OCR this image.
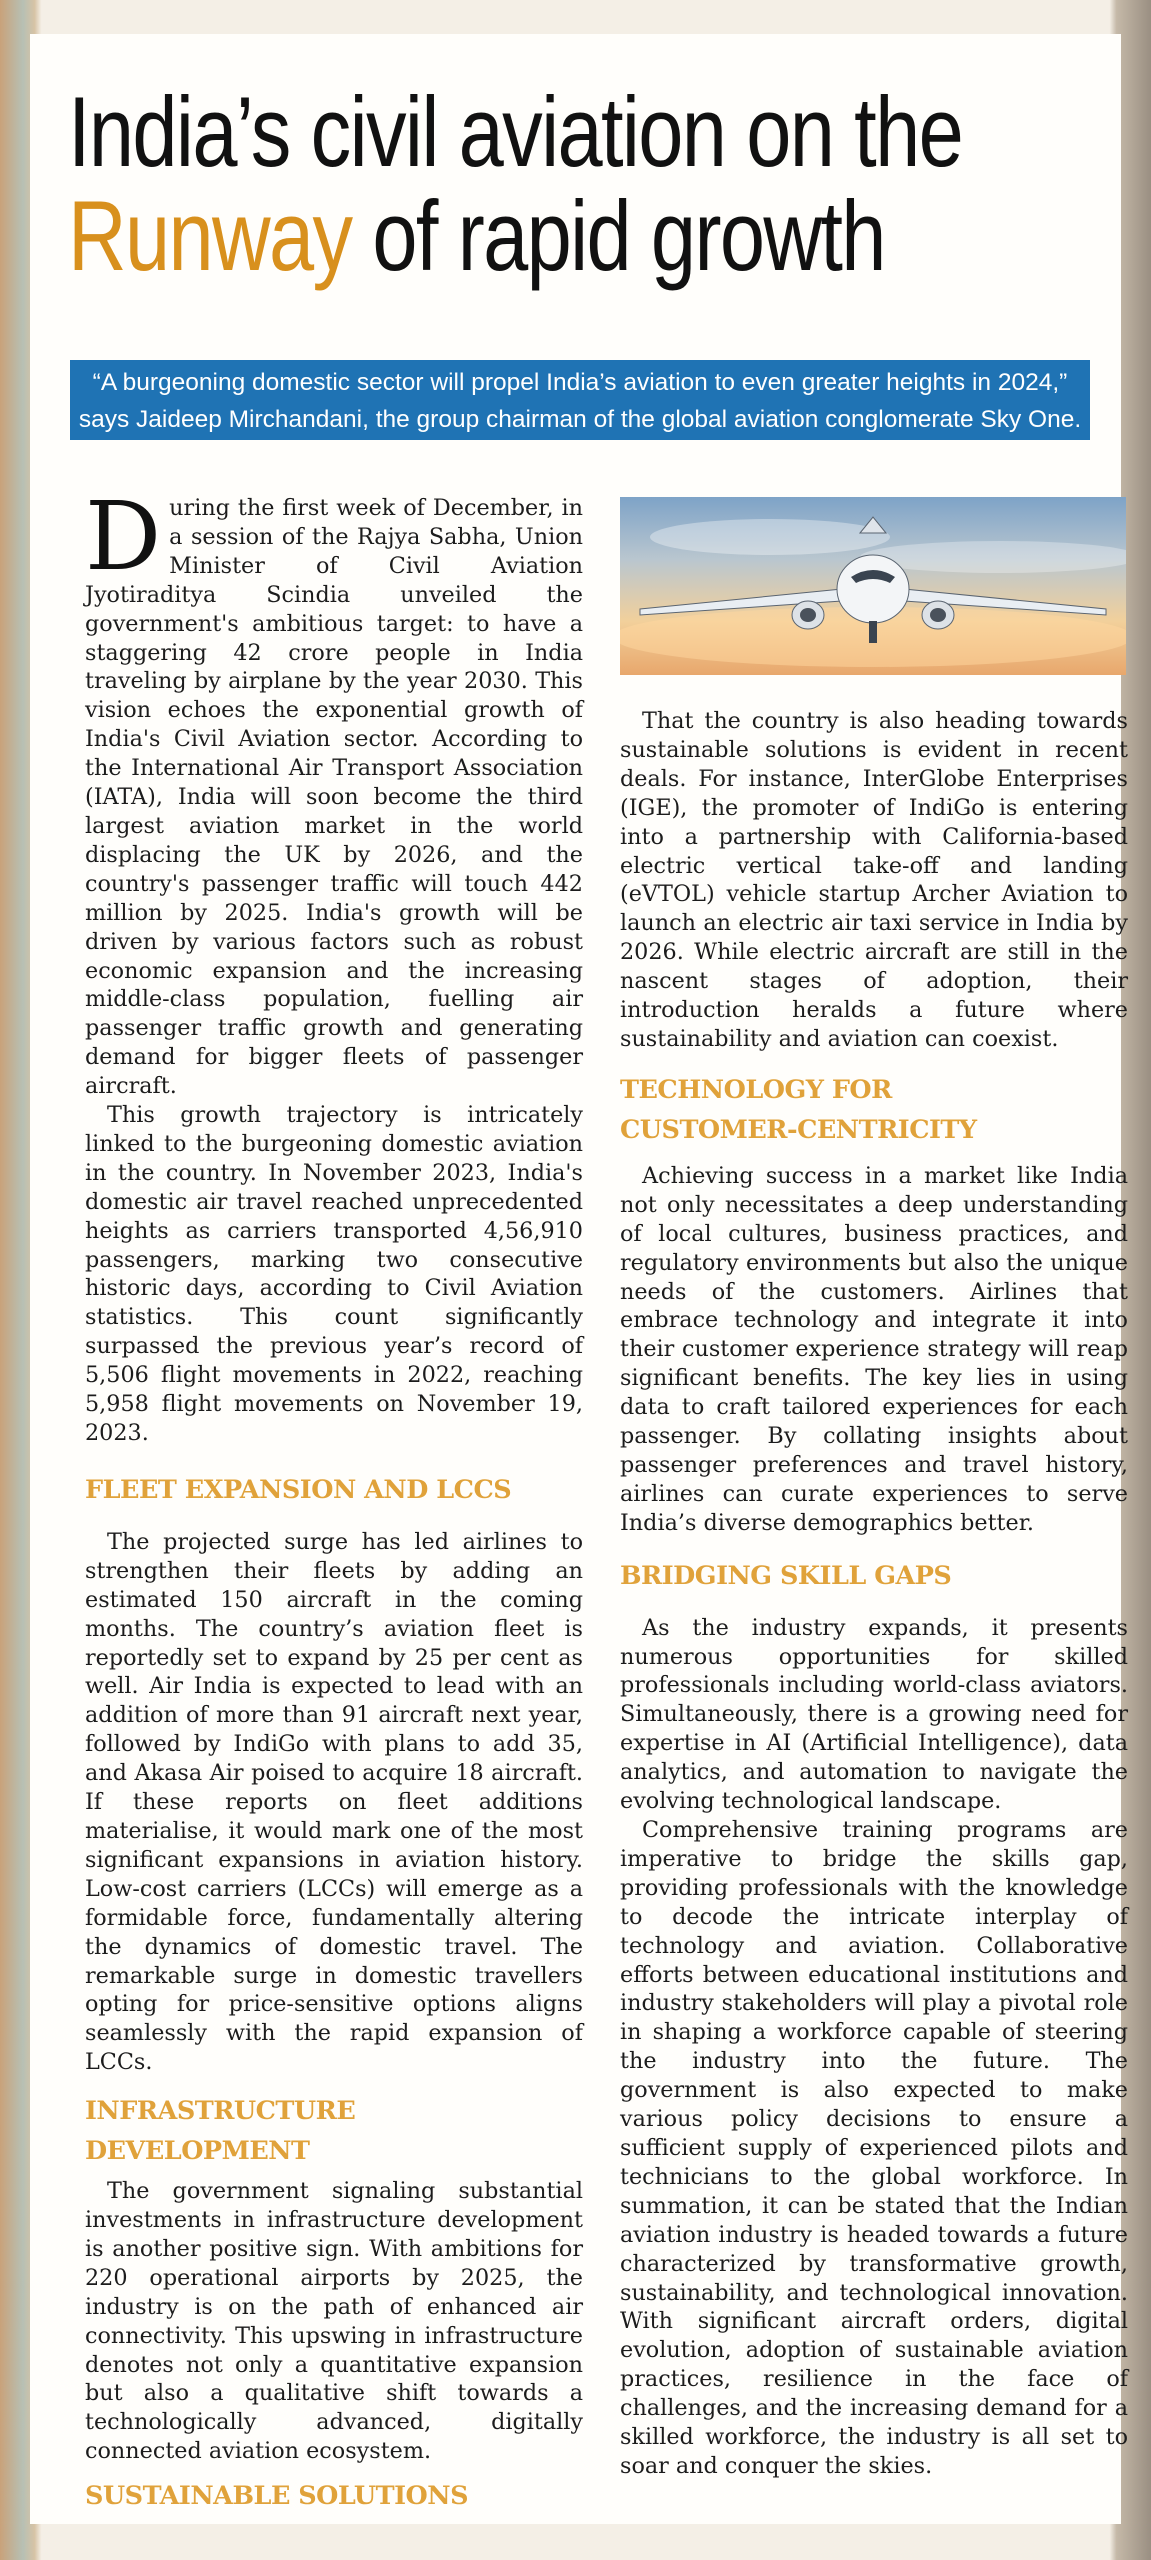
India’s civil aviation on the
Runway of rapid growth
“A burgeoning domestic sector will propel India’s aviation to even greater heights in 2024,”
says Jaideep Mirchandani, the group chairman of the global aviation conglomerate Sky One.

During the first week of December, in a session of the Rajya Sabha, Union Minister of Civil Aviation Jyotiraditya Scindia unveiled the government's ambitious target: to have a staggering 42 crore people in India traveling by airplane by the year 2030. This vision echoes the exponential growth of India's Civil Aviation sector. According to the International Air Transport Association (IATA), India will soon become the third largest aviation market in the world displacing the UK by 2026, and the country's passenger traffic will touch 442 million by 2025. India's growth will be driven by various factors such as robust economic expansion and the increasing middle-class population, fuelling air passenger traffic growth and generating demand for bigger fleets of passenger aircraft.

This growth trajectory is intricately linked to the burgeoning domestic aviation in the country. In November 2023, India's domestic air travel reached unprecedented heights as carriers transported 4,56,910 passengers, marking two consecutive historic days, according to Civil Aviation statistics. This count significantly surpassed the previous year’s record of 5,506 flight movements in 2022, reaching 5,958 flight movements on November 19, 2023.

FLEET EXPANSION AND LCCS

The projected surge has led airlines to strengthen their fleets by adding an estimated 150 aircraft in the coming months. The country’s aviation fleet is reportedly set to expand by 25 per cent as well. Air India is expected to lead with an addition of more than 91 aircraft next year, followed by IndiGo with plans to add 35, and Akasa Air poised to acquire 18 aircraft. If these reports on fleet additions materialise, it would mark one of the most significant expansions in aviation history. Low-cost carriers (LCCs) will emerge as a formidable force, fundamentally altering the dynamics of domestic travel. The remarkable surge in domestic travellers opting for price-sensitive options aligns seamlessly with the rapid expansion of LCCs.

INFRASTRUCTURE
DEVELOPMENT

The government signaling substantial investments in infrastructure development is another positive sign. With ambitions for 220 operational airports by 2025, the industry is on the path of enhanced air connectivity. This upswing in infrastructure denotes not only a quantitative expansion but also a qualitative shift towards a technologically advanced, digitally connected aviation ecosystem.

SUSTAINABLE SOLUTIONS

That the country is also heading towards sustainable solutions is evident in recent deals. For instance, InterGlobe Enterprises (IGE), the promoter of IndiGo is entering into a partnership with California-based electric vertical take-off and landing (eVTOL) vehicle startup Archer Aviation to launch an electric air taxi service in India by 2026. While electric aircraft are still in the nascent stages of adoption, their introduction heralds a future where sustainability and aviation can coexist.

TECHNOLOGY FOR
CUSTOMER-CENTRICITY

Achieving success in a market like India not only necessitates a deep understanding of local cultures, business practices, and regulatory environments but also the unique needs of the customers. Airlines that embrace technology and integrate it into their customer experience strategy will reap significant benefits. The key lies in using data to craft tailored experiences for each passenger. By collating insights about passenger preferences and travel history, airlines can curate experiences to serve India’s diverse demographics better.

BRIDGING SKILL GAPS

As the industry expands, it presents numerous opportunities for skilled professionals including world-class aviators. Simultaneously, there is a growing need for expertise in AI (Artificial Intelligence), data analytics, and automation to navigate the evolving technological landscape.

Comprehensive training programs are imperative to bridge the skills gap, providing professionals with the knowledge to decode the intricate interplay of technology and aviation. Collaborative efforts between educational institutions and industry stakeholders will play a pivotal role in shaping a workforce capable of steering the industry into the future. The government is also expected to make various policy decisions to ensure a sufficient supply of experienced pilots and technicians to the global workforce. In summation, it can be stated that the Indian aviation industry is headed towards a future characterized by transformative growth, sustainability, and technological innovation. With significant aircraft orders, digital evolution, adoption of sustainable aviation practices, resilience in the face of challenges, and the increasing demand for a skilled workforce, the industry is all set to soar and conquer the skies.
